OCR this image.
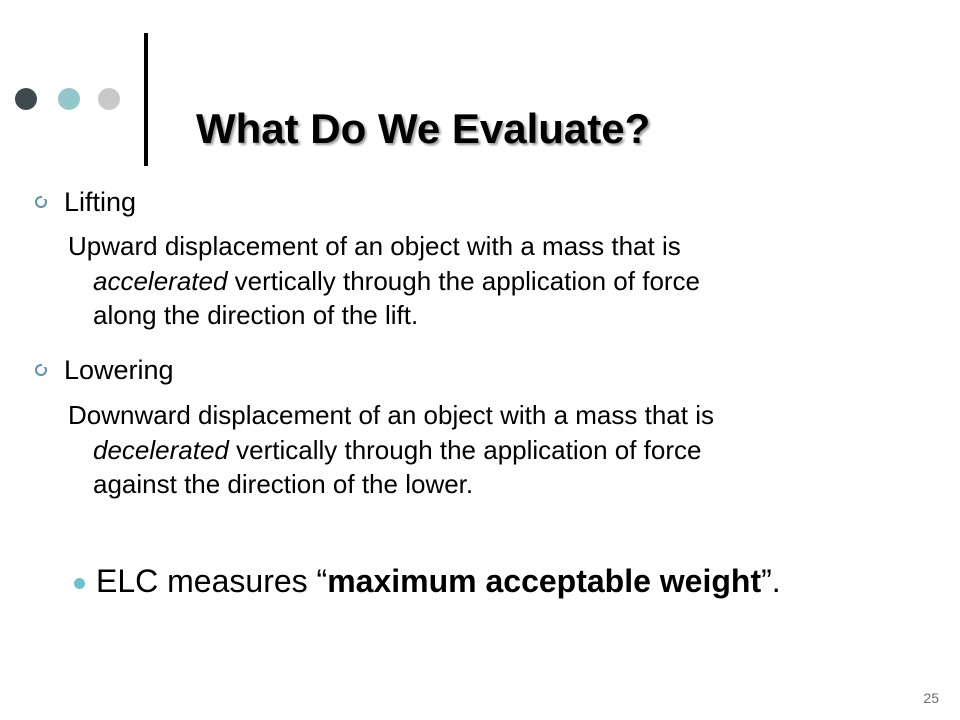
What Do We Evaluate?
Lifting
Upward displacement of an object with a mass that is
accelerated vertically through the application of force
along the direction of the lift.
Lowering
Downward displacement of an object with a mass that is
decelerated vertically through the application of force
against the direction of the lower.
ELC measures “maximum acceptable weight”.
25
